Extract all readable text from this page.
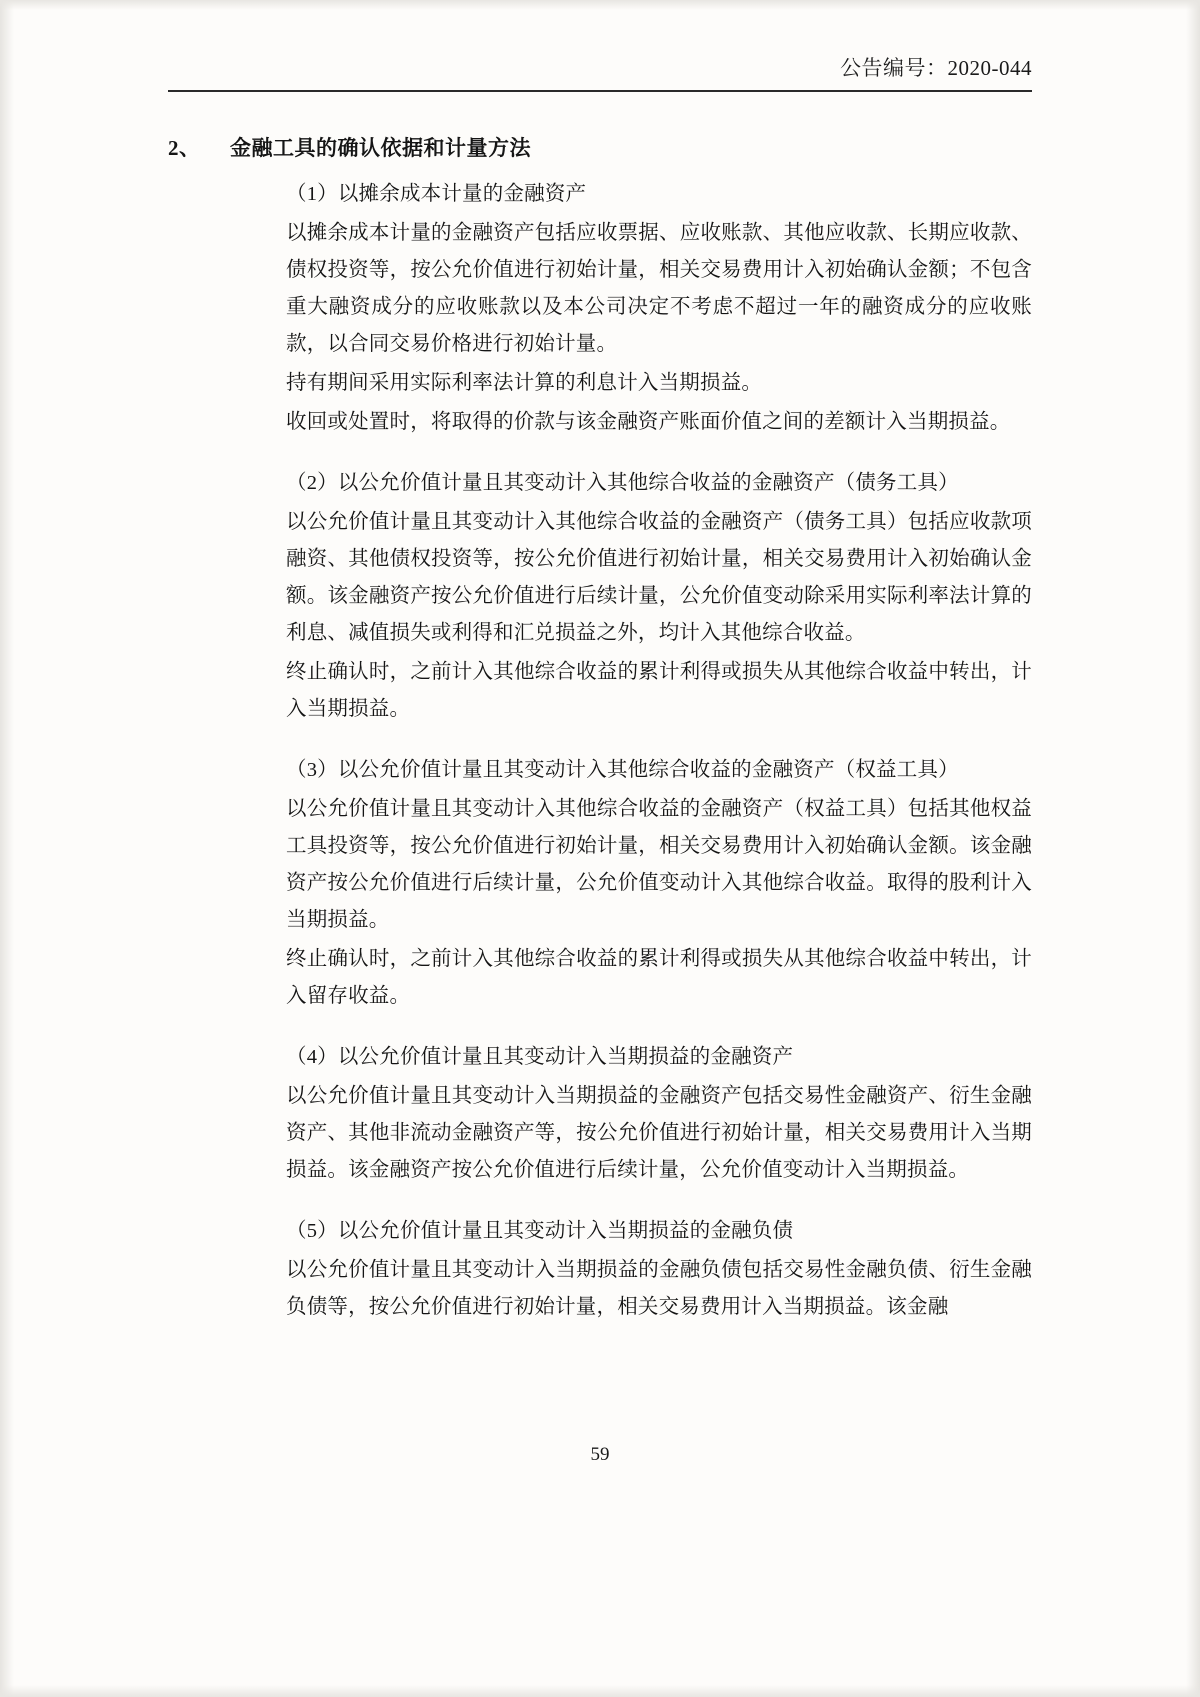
公告编号：2020-044
2、	金融工具的确认依据和计量方法

（1）以摊余成本计量的金融资产

以摊余成本计量的金融资产包括应收票据、应收账款、其他应收款、长期应收款、债权投资等，按公允价值进行初始计量，相关交易费用计入初始确认金额；不包含重大融资成分的应收账款以及本公司决定不考虑不超过一年的融资成分的应收账款，以合同交易价格进行初始计量。

持有期间采用实际利率法计算的利息计入当期损益。

收回或处置时，将取得的价款与该金融资产账面价值之间的差额计入当期损益。

（2）以公允价值计量且其变动计入其他综合收益的金融资产（债务工具）

以公允价值计量且其变动计入其他综合收益的金融资产（债务工具）包括应收款项融资、其他债权投资等，按公允价值进行初始计量，相关交易费用计入初始确认金额。该金融资产按公允价值进行后续计量，公允价值变动除采用实际利率法计算的利息、减值损失或利得和汇兑损益之外，均计入其他综合收益。

终止确认时，之前计入其他综合收益的累计利得或损失从其他综合收益中转出，计入当期损益。

（3）以公允价值计量且其变动计入其他综合收益的金融资产（权益工具）

以公允价值计量且其变动计入其他综合收益的金融资产（权益工具）包括其他权益工具投资等，按公允价值进行初始计量，相关交易费用计入初始确认金额。该金融资产按公允价值进行后续计量，公允价值变动计入其他综合收益。取得的股利计入当期损益。

终止确认时，之前计入其他综合收益的累计利得或损失从其他综合收益中转出，计入留存收益。

（4）以公允价值计量且其变动计入当期损益的金融资产

以公允价值计量且其变动计入当期损益的金融资产包括交易性金融资产、衍生金融资产、其他非流动金融资产等，按公允价值进行初始计量，相关交易费用计入当期损益。该金融资产按公允价值进行后续计量，公允价值变动计入当期损益。

（5）以公允价值计量且其变动计入当期损益的金融负债

以公允价值计量且其变动计入当期损益的金融负债包括交易性金融负债、衍生金融负债等，按公允价值进行初始计量，相关交易费用计入当期损益。该金融

59
